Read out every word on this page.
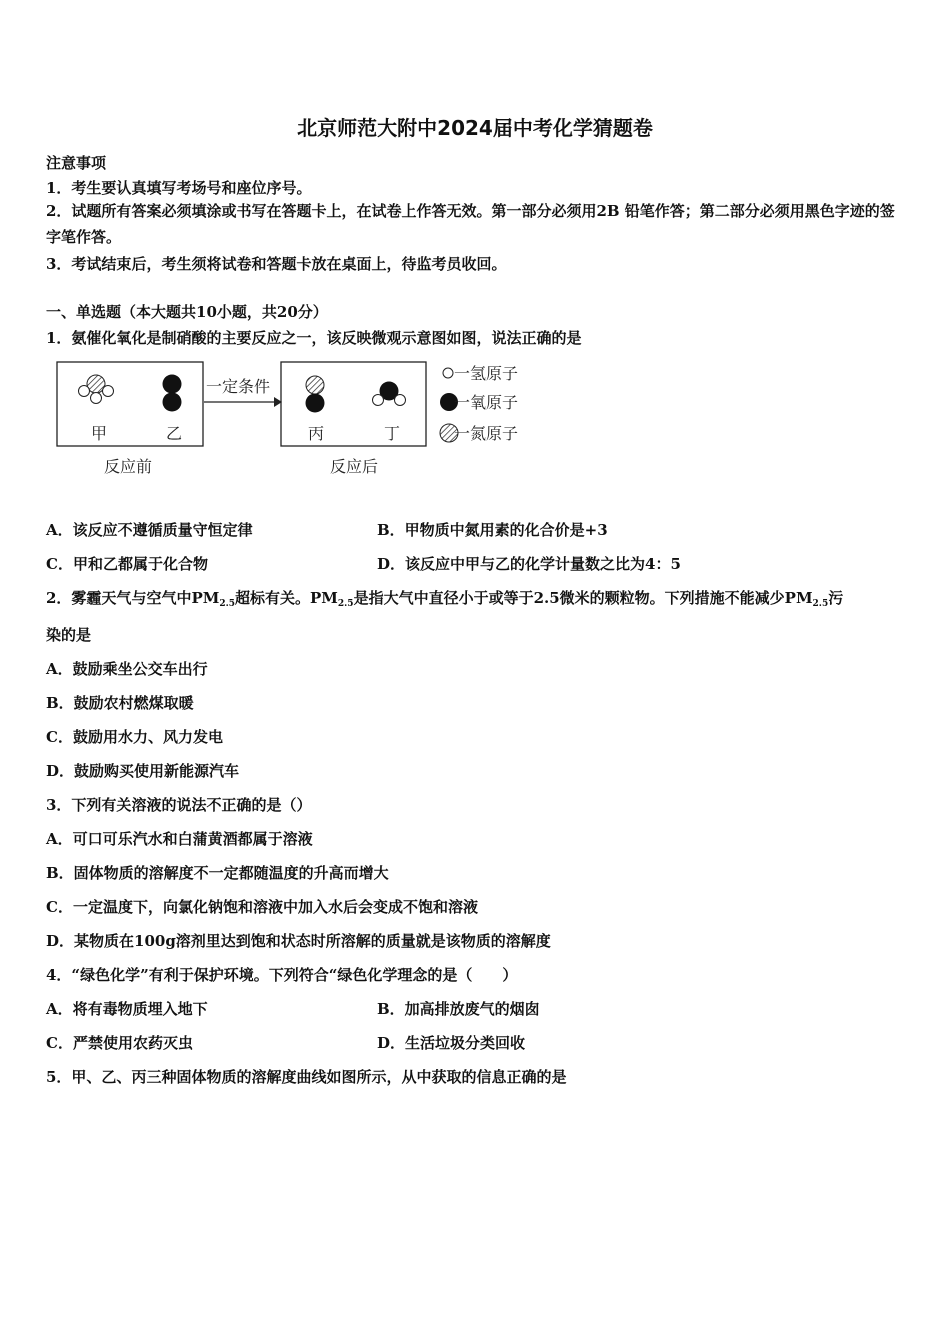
北京师范大附中2024届中考化学猜题卷
注意事项
1．考生要认真填写考场号和座位序号。
2．试题所有答案必须填涂或书写在答题卡上，在试卷上作答无效。第一部分必须用2B 铅笔作答；第二部分必须用黑色字迹的签字笔作答。
3．考试结束后，考生须将试卷和答题卡放在桌面上，待监考员收回。
一、单选题（本大题共10小题，共20分）
1．氨催化氧化是制硝酸的主要反应之一，该反映微观示意图如图，说法正确的是
甲	乙
一定条件
丙	丁
反应前	反应后
一 氢原子
一 氧原子
一 氮原子
A．该反应不遵循质量守恒定律	B．甲物质中氮用素的化合价是+3
C．甲和乙都属于化合物	D．该反应中甲与乙的化学计量数之比为4：5
2．雾霾天气与空气中$PM_{2.5}$超标有关。$PM_{2.5}$是指大气中直径小于或等于2.5微米的颗粒物。下列措施不能减少$PM_{2.5}$污
染的是
A．鼓励乘坐公交车出行
B．鼓励农村燃煤取暖
C．鼓励用水力、风力发电
D．鼓励购买使用新能源汽车
3．下列有关溶液的说法不正确的是（）
A．可口可乐汽水和白蒲黄酒都属于溶液
B．固体物质的溶解度不一定都随温度的升高而增大
C．一定温度下，向氯化钠饱和溶液中加入水后会变成不饱和溶液
D．某物质在100g溶剂里达到饱和状态时所溶解的质量就是该物质的溶解度
4．“绿色化学”有利于保护环境。下列符合“绿色化学理念的是（　　）
A．将有毒物质埋入地下	B．加高排放废气的烟囱
C．严禁使用农药灭虫	D．生活垃圾分类回收
5．甲、乙、丙三种固体物质的溶解度曲线如图所示，从中获取的信息正确的是
